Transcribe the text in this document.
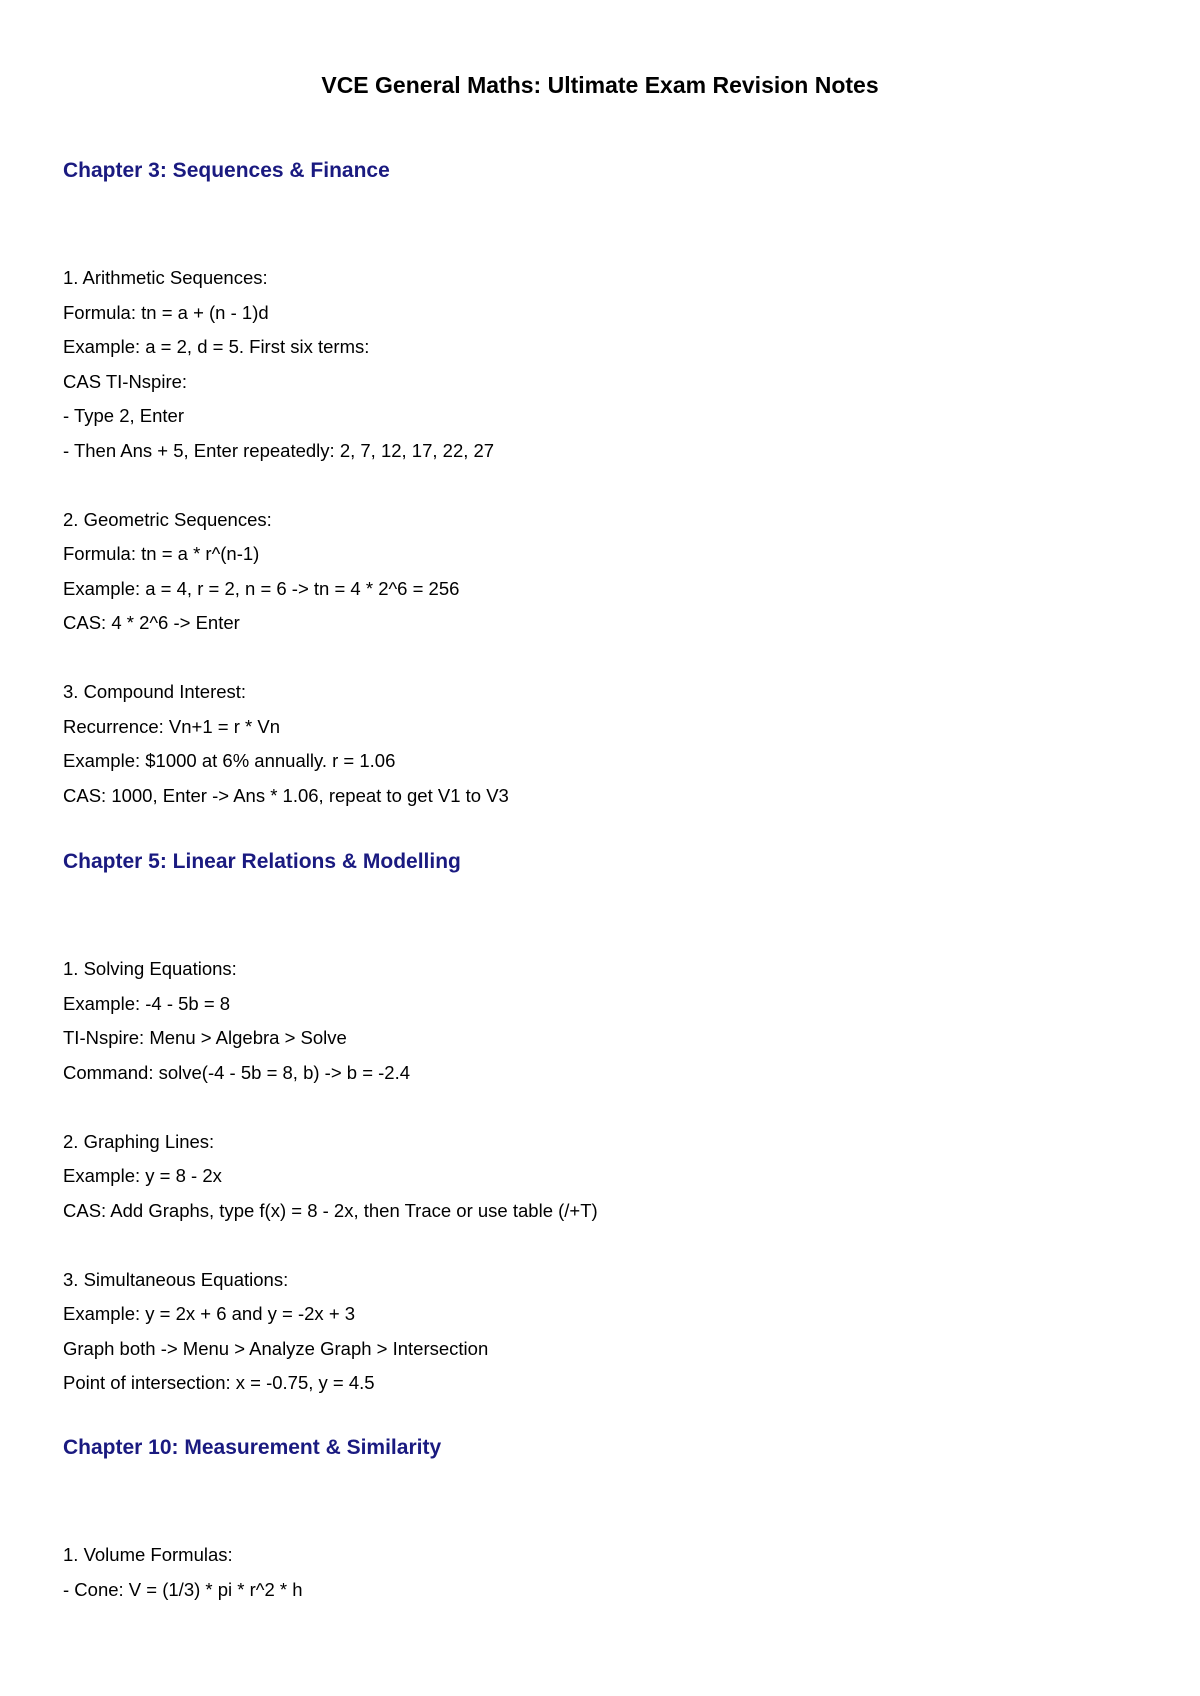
VCE General Maths: Ultimate Exam Revision Notes
Chapter 3: Sequences & Finance

1. Arithmetic Sequences:

Formula: tn = a + (n - 1)d

Example: a = 2, d = 5. First six terms:

CAS TI-Nspire:

- Type 2, Enter

- Then Ans + 5, Enter repeatedly: 2, 7, 12, 17, 22, 27

2. Geometric Sequences:

Formula: tn = a * r^(n-1)

Example: a = 4, r = 2, n = 6 -> tn = 4 * 2^6 = 256

CAS: 4 * 2^6 -> Enter

3. Compound Interest:

Recurrence: Vn+1 = r * Vn

Example: $1000 at 6% annually. r = 1.06

CAS: 1000, Enter -> Ans * 1.06, repeat to get V1 to V3

Chapter 5: Linear Relations & Modelling

1. Solving Equations:

Example: -4 - 5b = 8

TI-Nspire: Menu > Algebra > Solve

Command: solve(-4 - 5b = 8, b) -> b = -2.4

2. Graphing Lines:

Example: y = 8 - 2x

CAS: Add Graphs, type f(x) = 8 - 2x, then Trace or use table (/+T)

3. Simultaneous Equations:

Example: y = 2x + 6 and y = -2x + 3

Graph both -> Menu > Analyze Graph > Intersection

Point of intersection: x = -0.75, y = 4.5

Chapter 10: Measurement & Similarity

1. Volume Formulas:

- Cone: V = (1/3) * pi * r^2 * h
